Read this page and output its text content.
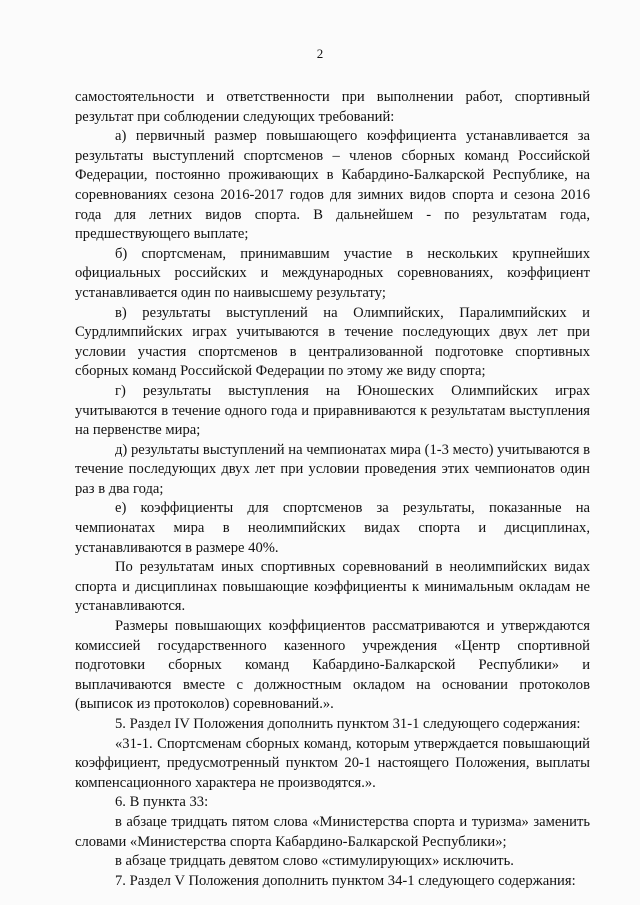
2

самостоятельности и ответственности при выполнении работ, спортивный результат при соблюдении следующих требований:

а) первичный размер повышающего коэффициента устанавливается за результаты выступлений спортсменов – членов сборных команд Российской Федерации, постоянно проживающих в Кабардино-Балкарской Республике, на соревнованиях сезона 2016-2017 годов для зимних видов спорта и сезона 2016 года для летних видов спорта. В дальнейшем - по результатам года, предшествующего выплате;

б) спортсменам, принимавшим участие в нескольких крупнейших официальных российских и международных соревнованиях, коэффициент устанавливается один по наивысшему результату;

в) результаты выступлений на Олимпийских, Паралимпийских и Сурдлимпийских играх учитываются в течение последующих двух лет при условии участия спортсменов в централизованной подготовке спортивных сборных команд Российской Федерации по этому же виду спорта;

г) результаты выступления на Юношеских Олимпийских играх учитываются в течение одного года и приравниваются к результатам выступления на первенстве мира;

д) результаты выступлений на чемпионатах мира (1-3 место) учитываются в течение последующих двух лет при условии проведения этих чемпионатов один раз в два года;

е) коэффициенты для спортсменов за результаты, показанные на чемпионатах мира в неолимпийских видах спорта и дисциплинах, устанавливаются в размере 40%.

По результатам иных спортивных соревнований в неолимпийских видах спорта и дисциплинах повышающие коэффициенты к минимальным окладам не устанавливаются.

Размеры повышающих коэффициентов рассматриваются и утверждаются комиссией государственного казенного учреждения «Центр спортивной подготовки сборных команд Кабардино-Балкарской Республики» и выплачиваются вместе с должностным окладом на основании протоколов (выписок из протоколов) соревнований.».

5. Раздел IV Положения дополнить пунктом 31-1 следующего содержания:

«31-1. Спортсменам сборных команд, которым утверждается повышающий коэффициент, предусмотренный пунктом 20-1 настоящего Положения, выплаты компенсационного характера не производятся.».

6. В пункта 33:

в абзаце тридцать пятом слова «Министерства спорта и туризма» заменить словами «Министерства спорта Кабардино-Балкарской Республики»;

в абзаце тридцать девятом слово «стимулирующих» исключить.

7. Раздел V Положения дополнить пунктом 34-1 следующего содержания:
